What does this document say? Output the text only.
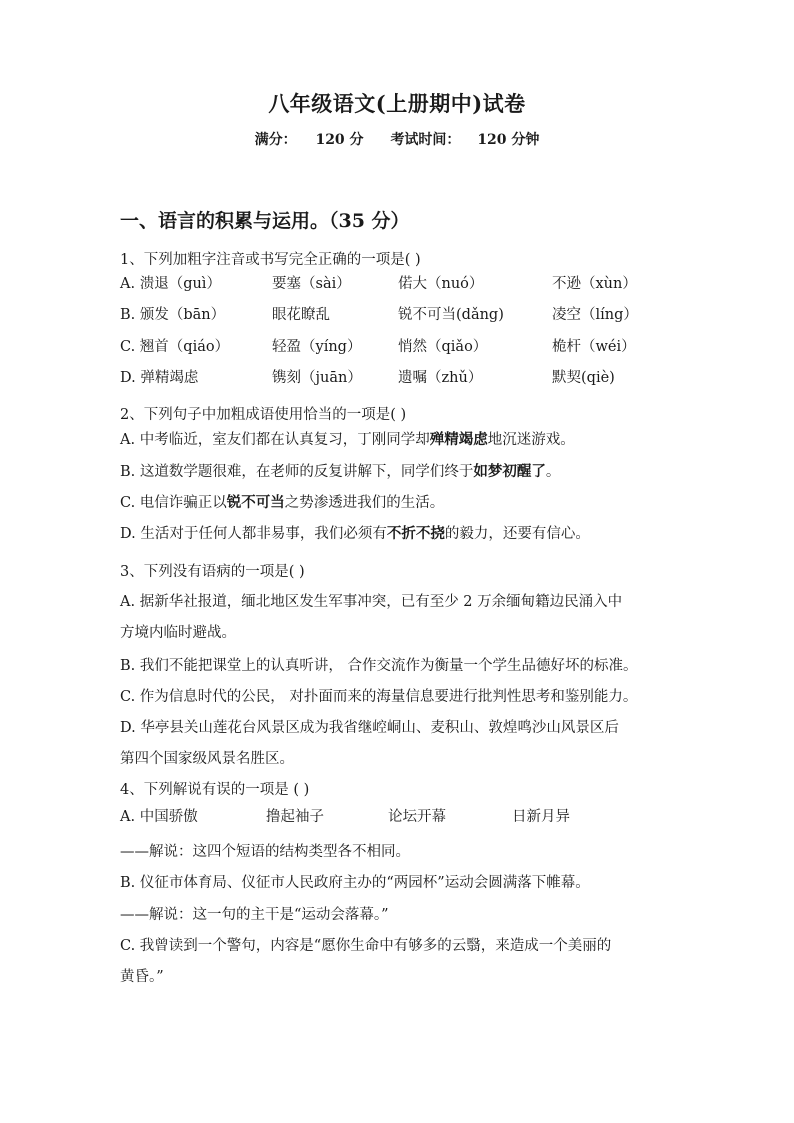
八年级语文(上册期中)试卷
满分： 120 分 考试时间： 120 分钟
一、语言的积累与运用。（35 分）
1、下列加粗字注音或书写完全正确的一项是( )
A. 溃退（guì）	要塞（sài）	偌大（nuó）	不逊（xùn）
B. 颁发（bān）	眼花瞭乱	锐不可当(dǎng)	凌空（líng）
C. 翘首（qiáo）	轻盈（yíng）	悄然（qiǎo）	桅杆（wéi）
D. 弹精竭虑	镌刻（juān） 遗嘱（zhǔ）	默契(qiè)
2、下列句子中加粗成语使用恰当的一项是( )
A. 中考临近，室友们都在认真复习，丁刚同学却殚精竭虑地沉迷游戏。
B. 这道数学题很难，在老师的反复讲解下，同学们终于如梦初醒了。
C. 电信诈骗正以锐不可当之势渗透进我们的生活。
D. 生活对于任何人都非易事，我们必须有不折不挠的毅力，还要有信心。
3、下列没有语病的一项是( )
A. 据新华社报道，缅北地区发生军事冲突，已有至少 2 万余缅甸籍边民涌入中
方境内临时避战。
B. 我们不能把课堂上的认真听讲， 合作交流作为衡量一个学生品德好坏的标准。
C. 作为信息时代的公民， 对扑面而来的海量信息要进行批判性思考和鉴别能力。
D. 华亭县关山莲花台风景区成为我省继崆峒山、麦积山、敦煌鸣沙山风景区后
第四个国家级风景名胜区。
4、下列解说有误的一项是 ( )
A. 中国骄傲	撸起袖子	论坛开幕	日新月异
——解说：这四个短语的结构类型各不相同。
B. 仪征市体育局、仪征市人民政府主办的“两园杯”运动会圆满落下帷幕。
——解说：这一句的主干是“运动会落幕。”
C. 我曾读到一个警句，内容是“愿你生命中有够多的云翳，来造成一个美丽的
黄昏。”
